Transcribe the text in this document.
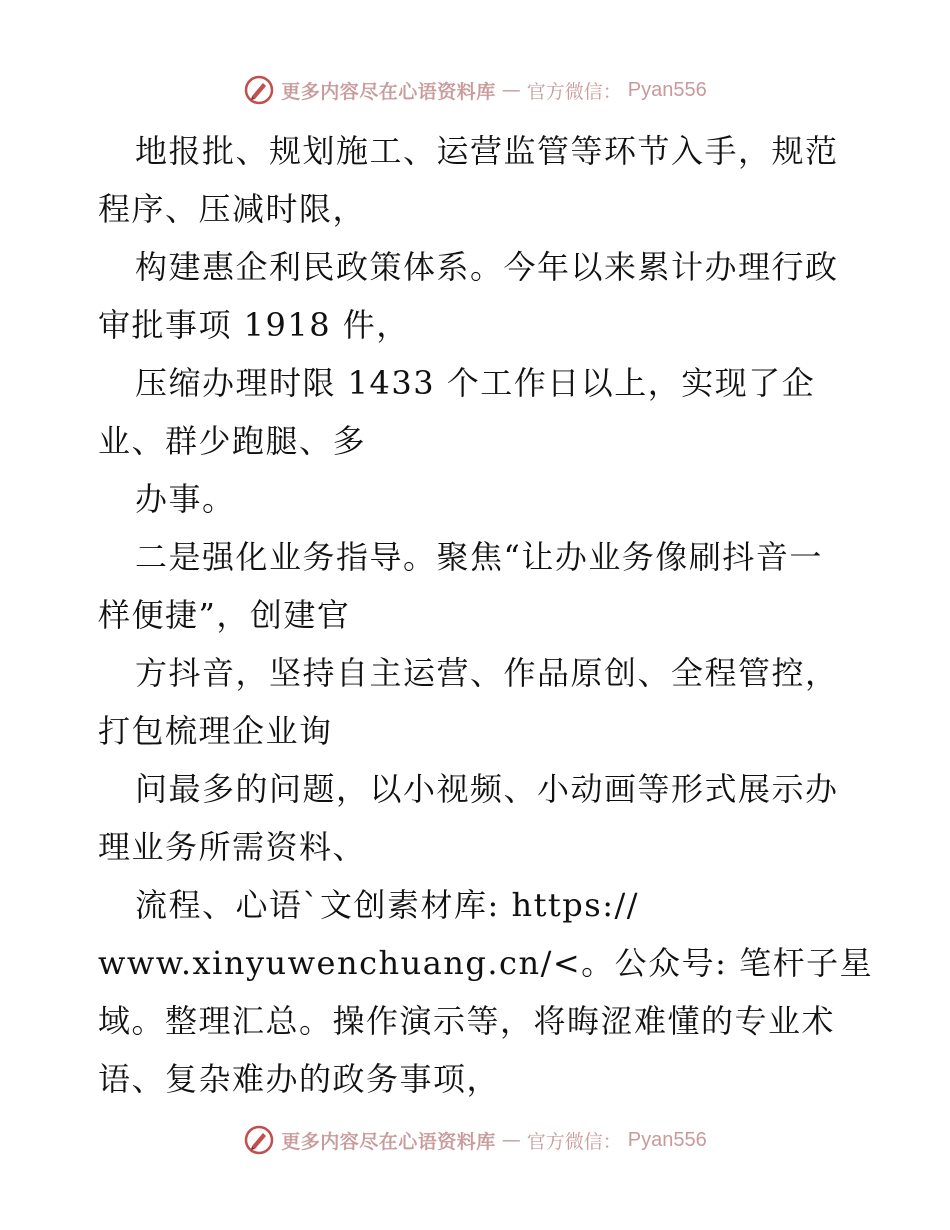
更多内容尽在心语资料库 — 官方微信： Pyan556
地报批、规划施工、运营监管等环节入手，规范
程序、压减时限，
构建惠企利民政策体系。今年以来累计办理行政
审批事项 1918 件，
压缩办理时限 1433 个工作日以上，实现了企
业、群少跑腿、多
办事。
二是强化业务指导。聚焦“让办业务像刷抖音一
样便捷”，创建官
方抖音，坚持自主运营、作品原创、全程管控，
打包梳理企业询
问最多的问题，以小视频、小动画等形式展示办
理业务所需资料、
流程、心语`文创素材库: https://
www.xinyuwenchuang.cn/<。公众号: 笔杆子星
域。整理汇总。操作演示等，将晦涩难懂的专业术
语、复杂难办的政务事项，
更多内容尽在心语资料库 — 官方微信： Pyan556
